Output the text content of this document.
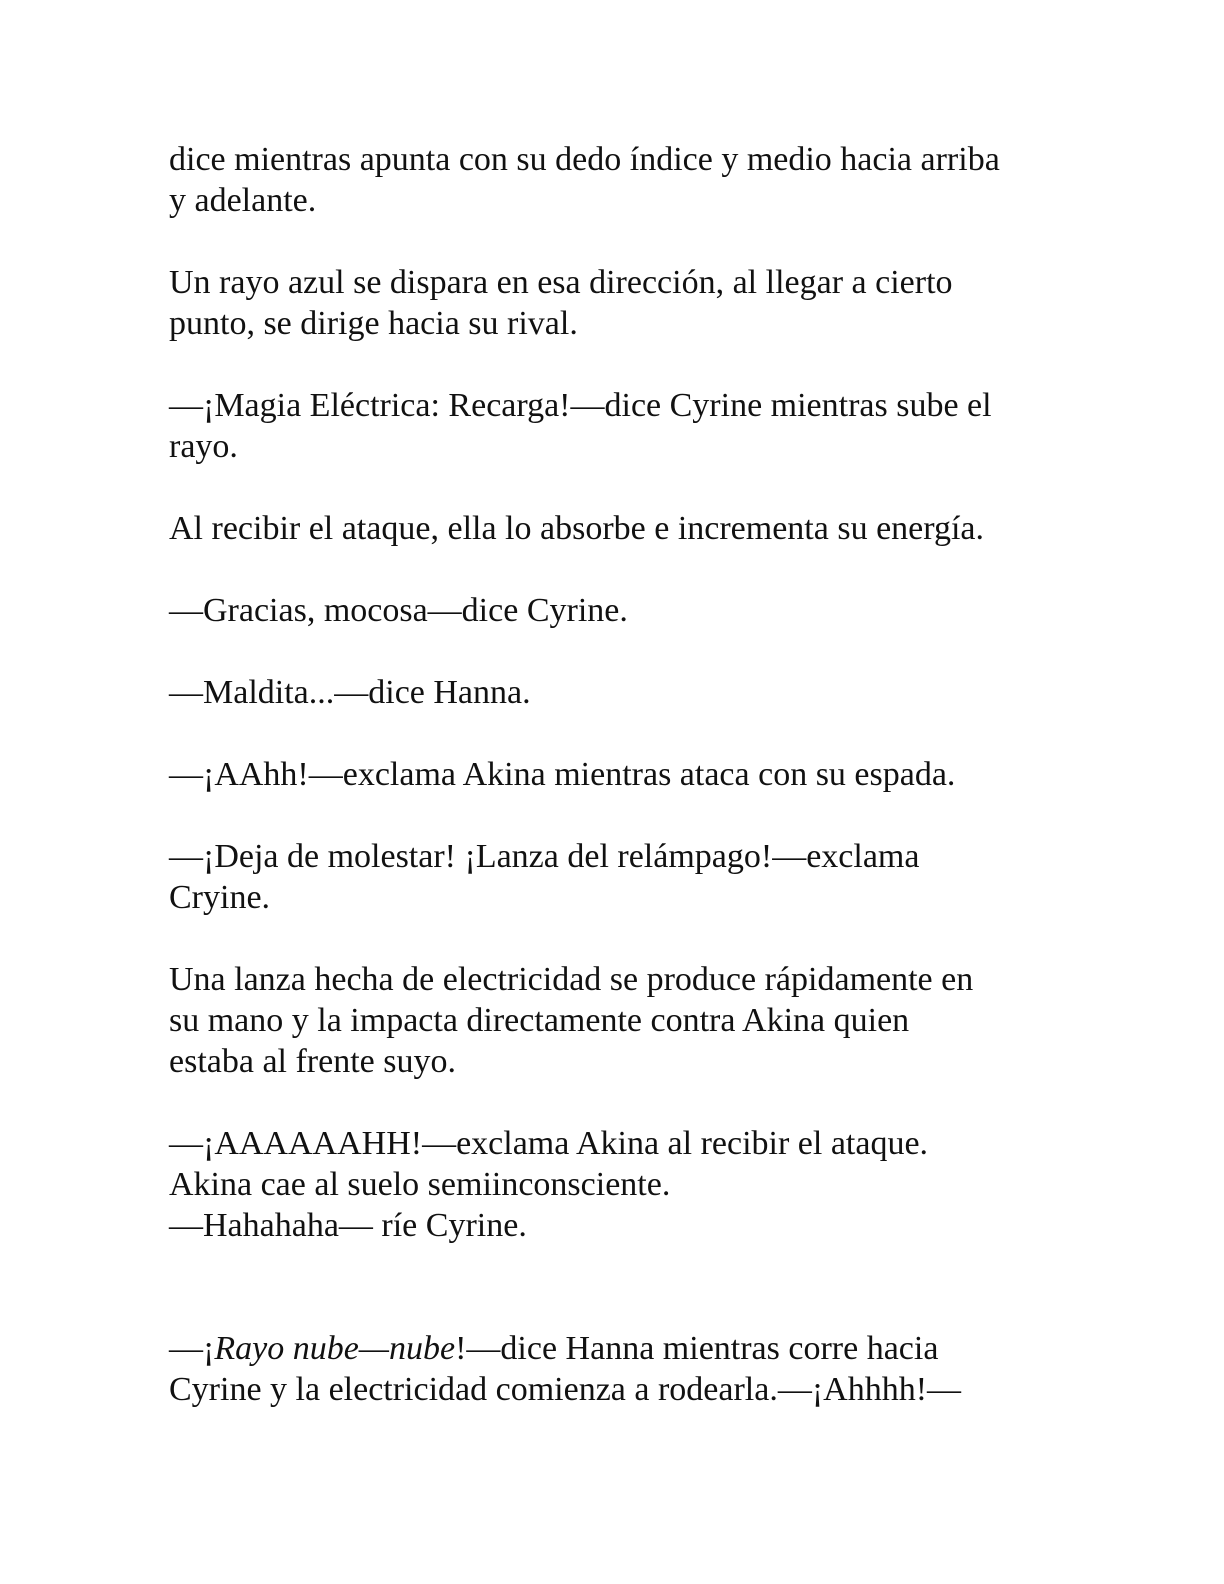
dice mientras apunta con su dedo índice y medio hacia arriba
y adelante.

Un rayo azul se dispara en esa dirección, al llegar a cierto
punto, se dirige hacia su rival.

—¡Magia Eléctrica: Recarga!—dice Cyrine mientras sube el
rayo.

Al recibir el ataque, ella lo absorbe e incrementa su energía.

—Gracias, mocosa—dice Cyrine.

—Maldita...—dice Hanna.

—¡AAhh!—exclama Akina mientras ataca con su espada.

—¡Deja de molestar! ¡Lanza del relámpago!—exclama
Cryine.

Una lanza hecha de electricidad se produce rápidamente en
su mano y la impacta directamente contra Akina quien
estaba al frente suyo.

—¡AAAAAAHH!—exclama Akina al recibir el ataque.
Akina cae al suelo semiinconsciente.
—Hahahaha— ríe Cyrine.

—¡Rayo nube—nube!—dice Hanna mientras corre hacia
Cyrine y la electricidad comienza a rodearla.—¡Ahhhh!—
